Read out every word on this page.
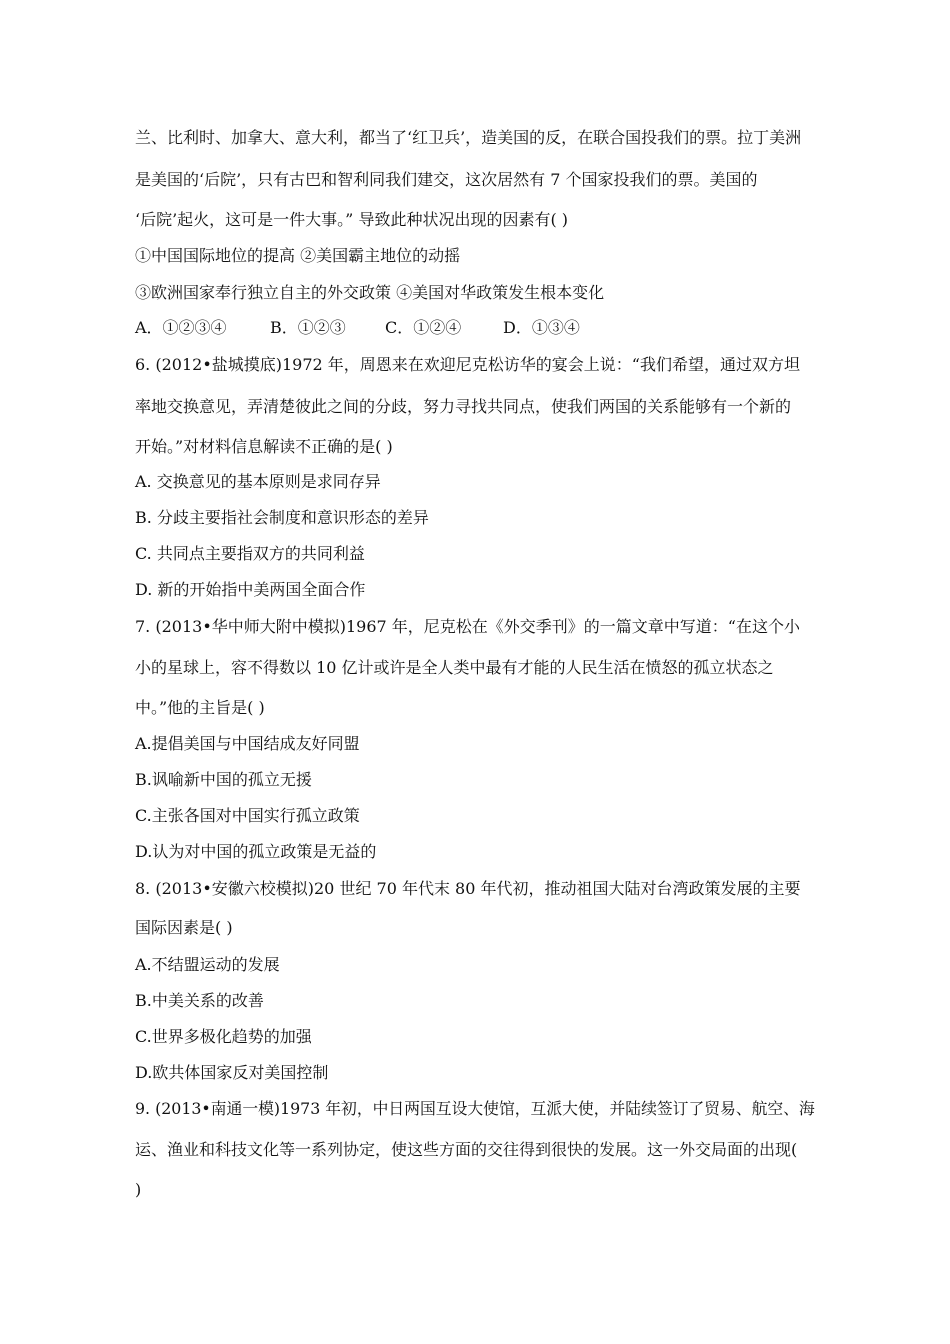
兰、比利时、加拿大、意大利，都当了‘红卫兵’，造美国的反，在联合国投我们的票。拉丁美洲
是美国的‘后院’，只有古巴和智利同我们建交，这次居然有 7 个国家投我们的票。美国的
‘后院’起火，这可是一件大事。” 导致此种状况出现的因素有( )
①中国国际地位的提高 ②美国霸主地位的动摇
③欧洲国家奉行独立自主的外交政策 ④美国对华政策发生根本变化
A．①②③④	B．①②③ C．①②④	D．①③④
6. (2012•盐城摸底)1972 年，周恩来在欢迎尼克松访华的宴会上说：“我们希望，通过双方坦
率地交换意见，弄清楚彼此之间的分歧，努力寻找共同点，使我们两国的关系能够有一个新的
开始。”对材料信息解读不正确的是( )
A. 交换意见的基本原则是求同存异
B. 分歧主要指社会制度和意识形态的差异
C. 共同点主要指双方的共同利益
D. 新的开始指中美两国全面合作
7. (2013•华中师大附中模拟)1967 年，尼克松在《外交季刊》的一篇文章中写道：“在这个小
小的星球上，容不得数以 10 亿计或许是全人类中最有才能的人民生活在愤怒的孤立状态之
中。”他的主旨是( )
A.提倡美国与中国结成友好同盟
B.讽喻新中国的孤立无援
C.主张各国对中国实行孤立政策
D.认为对中国的孤立政策是无益的
8. (2013•安徽六校模拟)20 世纪 70 年代末 80 年代初，推动祖国大陆对台湾政策发展的主要
国际因素是( )
A.不结盟运动的发展
B.中美关系的改善
C.世界多极化趋势的加强
D.欧共体国家反对美国控制
9. (2013•南通一模)1973 年初，中日两国互设大使馆，互派大使，并陆续签订了贸易、航空、海
运、渔业和科技文化等一系列协定，使这些方面的交往得到很快的发展。这一外交局面的出现(
)
